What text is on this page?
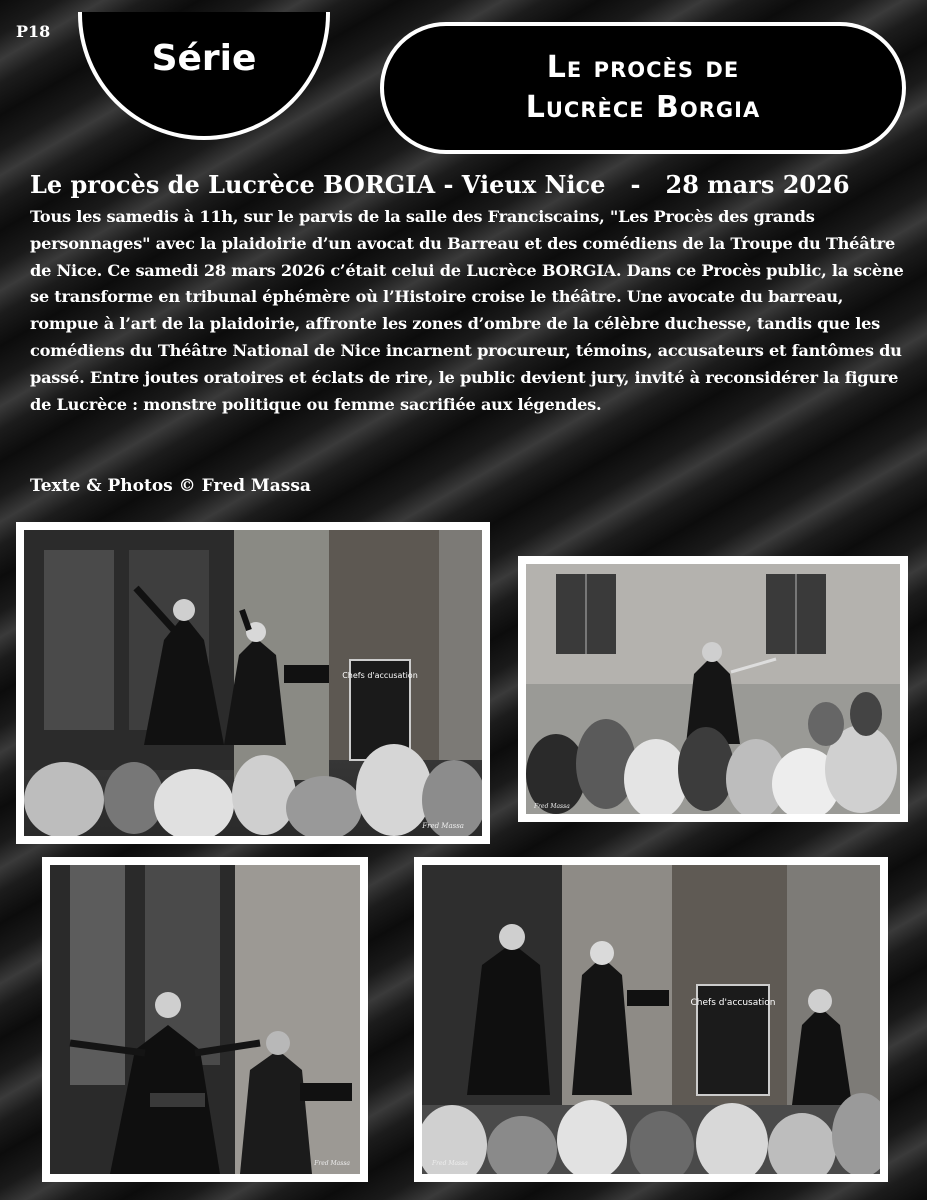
P18
Série	Le procès de
Lucrèce Borgia
Le procès de Lucrèce BORGIA - Vieux Nice   -   28 mars 2026
Tous les samedis à 11h, sur le parvis de la salle des Franciscains, "Les Procès des grands personnages" avec la plaidoirie d’un avocat du Barreau et des comédiens de la Troupe du Théâtre de Nice. Ce samedi 28 mars 2026 c’était celui de Lucrèce BORGIA. Dans ce Procès public, la scène se transforme en tribunal éphémère où l’Histoire croise le théâtre. Une avocate du barreau, rompue à l’art de la plaidoirie, affronte les zones d’ombre de la célèbre duchesse, tandis que les comédiens du Théâtre National de Nice incarnent procureur, témoins, accusateurs et fantômes du passé. Entre joutes oratoires et éclats de rire, le public devient jury, invité à reconsidérer la figure de Lucrèce : monstre politique ou femme sacrifiée aux légendes.
Texte & Photos © Fred Massa
Chefs d'accusation
Fred Massa
Fred Massa
Fred Massa
Chefs d'accusation
Fred Massa
